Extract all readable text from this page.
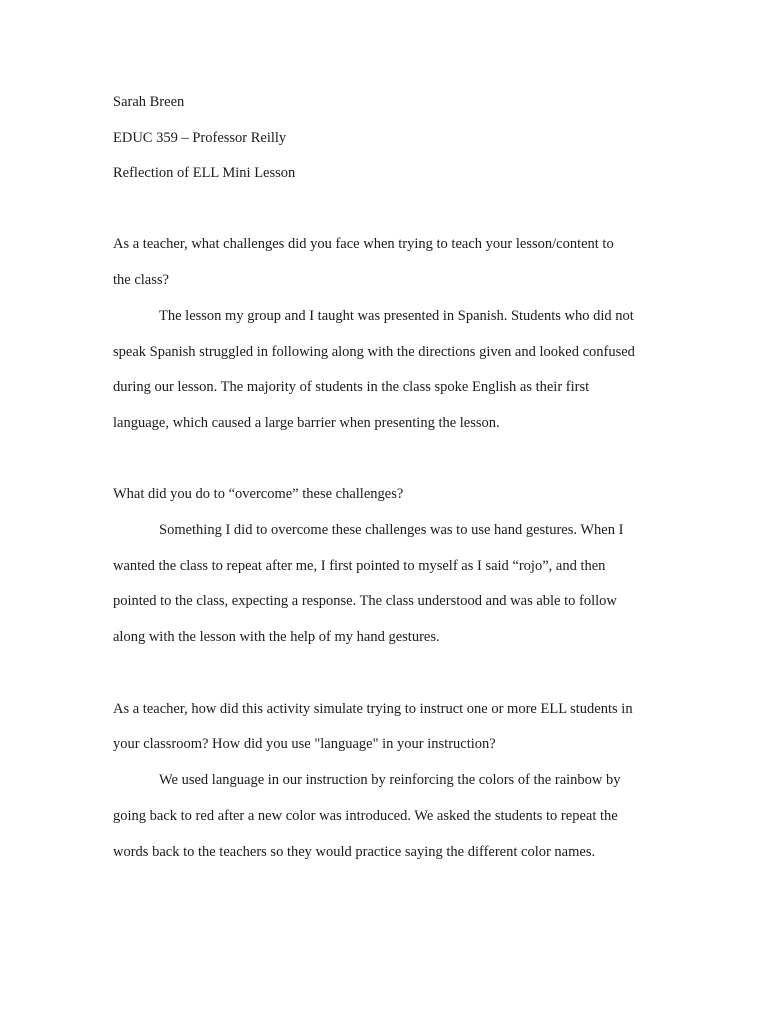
Sarah Breen
EDUC 359 – Professor Reilly
Reflection of ELL Mini Lesson
As a teacher, what challenges did you face when trying to teach your lesson/content to
the class?
The lesson my group and I taught was presented in Spanish. Students who did not
speak Spanish struggled in following along with the directions given and looked confused
during our lesson. The majority of students in the class spoke English as their first
language, which caused a large barrier when presenting the lesson.
What did you do to “overcome” these challenges?
Something I did to overcome these challenges was to use hand gestures. When I
wanted the class to repeat after me, I first pointed to myself as I said “rojo”, and then
pointed to the class, expecting a response. The class understood and was able to follow
along with the lesson with the help of my hand gestures.
As a teacher, how did this activity simulate trying to instruct one or more ELL students in
your classroom? How did you use "language" in your instruction?
We used language in our instruction by reinforcing the colors of the rainbow by
going back to red after a new color was introduced. We asked the students to repeat the
words back to the teachers so they would practice saying the different color names.
